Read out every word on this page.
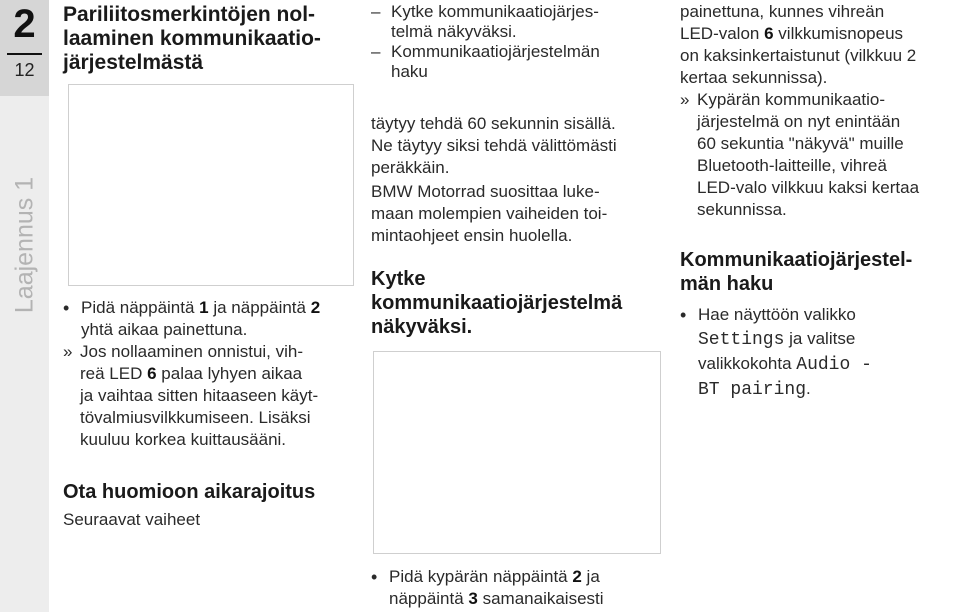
2
12
Laajennus 1

Pariliitosmerkintöjen nol-

laaminen kommunikaatio-

järjestelmästä

• Pidä näppäintä 1 ja näppäintä 2

yhtä aikaa painettuna.

» Jos nollaaminen onnistui, vih-

reä LED 6 palaa lyhyen aikaa

ja vaihtaa sitten hitaaseen käyt-

tövalmiusvilkkumiseen. Lisäksi

kuuluu korkea kuittausääni.

Ota huomioon aikarajoitus

Seuraavat vaiheet

– Kytke kommunikaatiojärjes-

telmä näkyväksi.

– Kommunikaatiojärjestelmän

haku

täytyy tehdä 60 sekunnin sisällä.

Ne täytyy siksi tehdä välittömästi

peräkkäin.

BMW Motorrad suosittaa luke-

maan molempien vaiheiden toi-

mintaohjeet ensin huolella.

Kytke

kommunikaatiojärjestelmä

näkyväksi.

• Pidä kypärän näppäintä 2 ja

näppäintä 3 samanaikaisesti

painettuna, kunnes vihreän

LED-valon 6 vilkkumisnopeus

on kaksinkertaistunut (vilkkuu 2

kertaa sekunnissa).

» Kypärän kommunikaatio-

järjestelmä on nyt enintään

60 sekuntia "näkyvä" muille

Bluetooth-laitteille, vihreä

LED-valo vilkkuu kaksi kertaa

sekunnissa.

Kommunikaatiojärjestel-

män haku

• Hae näyttöön valikko

Settings ja valitse

valikkokohta Audio -

BT pairing.
